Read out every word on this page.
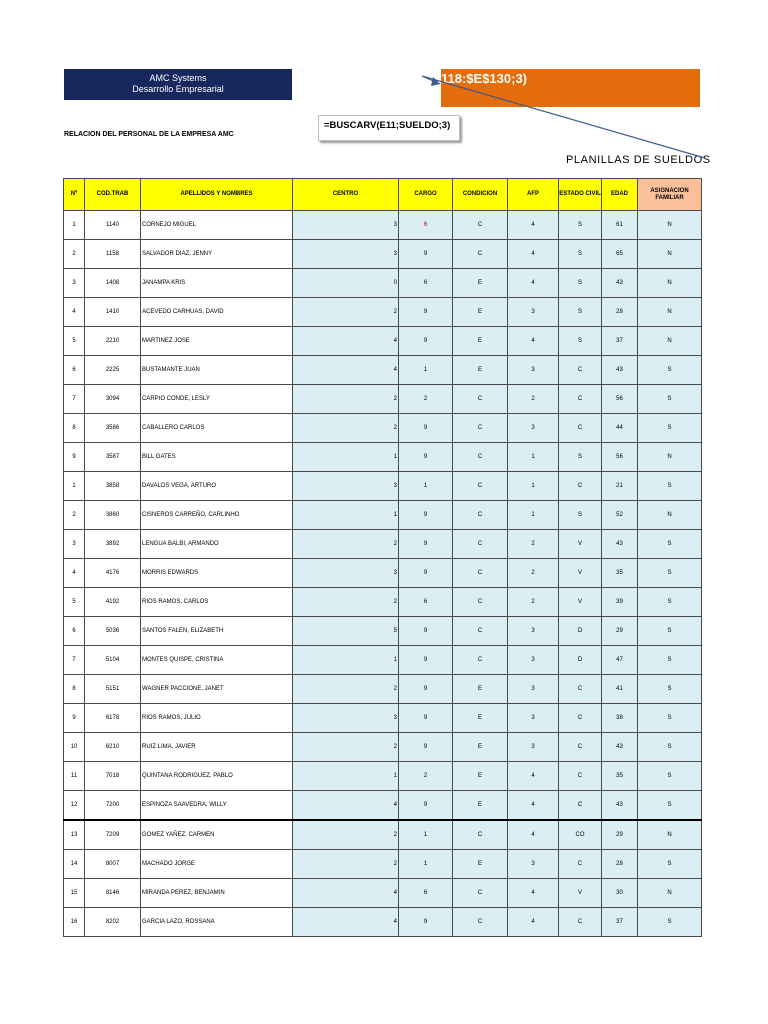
AMC Systems
Desarrollo Empresarial
118:$E$130;3)
=BUSCARV(E11;SUELDO;3)
RELACION DEL PERSONAL DE LA EMPRESA AMC
PLANILLAS DE SUELDOS
Nº	COD.TRAB	APELLIDOS Y NOMBRES	CENTRO	CARGO	CONDICION	AFP	ESTADO CIVIL	EDAD	ASIGNACION FAMILIAR
1	1140	CORNEJO MIGUEL	3	6	C	4	S	61	N
2	1158	SALVADOR DIAZ, JENNY	3	9	C	4	S	65	N
3	1408	JANAMPA KRIS	0	6	E	4	S	43	N
4	1410	ACEVEDO CARHUAS, DAVID	2	9	E	3	S	28	N
5	2210	MARTINEZ JOSE	4	9	E	4	S	37	N
6	2225	BUSTAMANTE JUAN	4	1	E	3	C	43	S
7	3094	CARPIO CONDE, LESLY	2	2	C	2	C	56	S
8	3586	CABALLERO CARLOS	2	9	C	3	C	44	S
9	3587	BILL GATES	1	9	C	1	S	56	N
1	3858	DAVALOS VEGA, ARTURO	3	1	C	1	C	21	S
2	3860	CISNEROS CARREÑO, CARLINHO	1	9	C	1	S	52	N
3	3892	LENGUA BALBI, ARMANDO	2	9	C	2	V	43	S
4	4176	MORRIS EDWARDS	3	9	C	2	V	35	S
5	4192	RIOS RAMOS, CARLOS	2	6	C	2	V	39	S
6	5036	SANTOS FALEN, ELIZABETH	5	9	C	3	D	29	S
7	5104	MONTES QUISPE, CRISTINA	1	9	C	3	D	47	S
8	5151	WAGNER PACCIONE, JANET	2	9	E	3	C	41	S
9	6178	RIOS RAMOS, JULIO	3	9	E	3	C	38	S
10	6210	RUIZ LIMA, JAVIER	2	9	E	3	C	43	S
11	7018	QUINTANA RODRIGUEZ, PABLO	1	2	E	4	C	35	S
12	7200	ESPINOZA SAAVEDRA, WILLY	4	9	E	4	C	43	S
13	7209	GOMEZ YAÑEZ, CARMEN	2	1	C	4	CO	29	N
14	8007	MACHADO JORGE	2	1	E	3	C	28	S
15	8146	MIRANDA PEREZ, BENJAMIN	4	6	C	4	V	30	N
16	8202	GARCIA LAZO, ROSSANA	4	9	C	4	C	37	S
